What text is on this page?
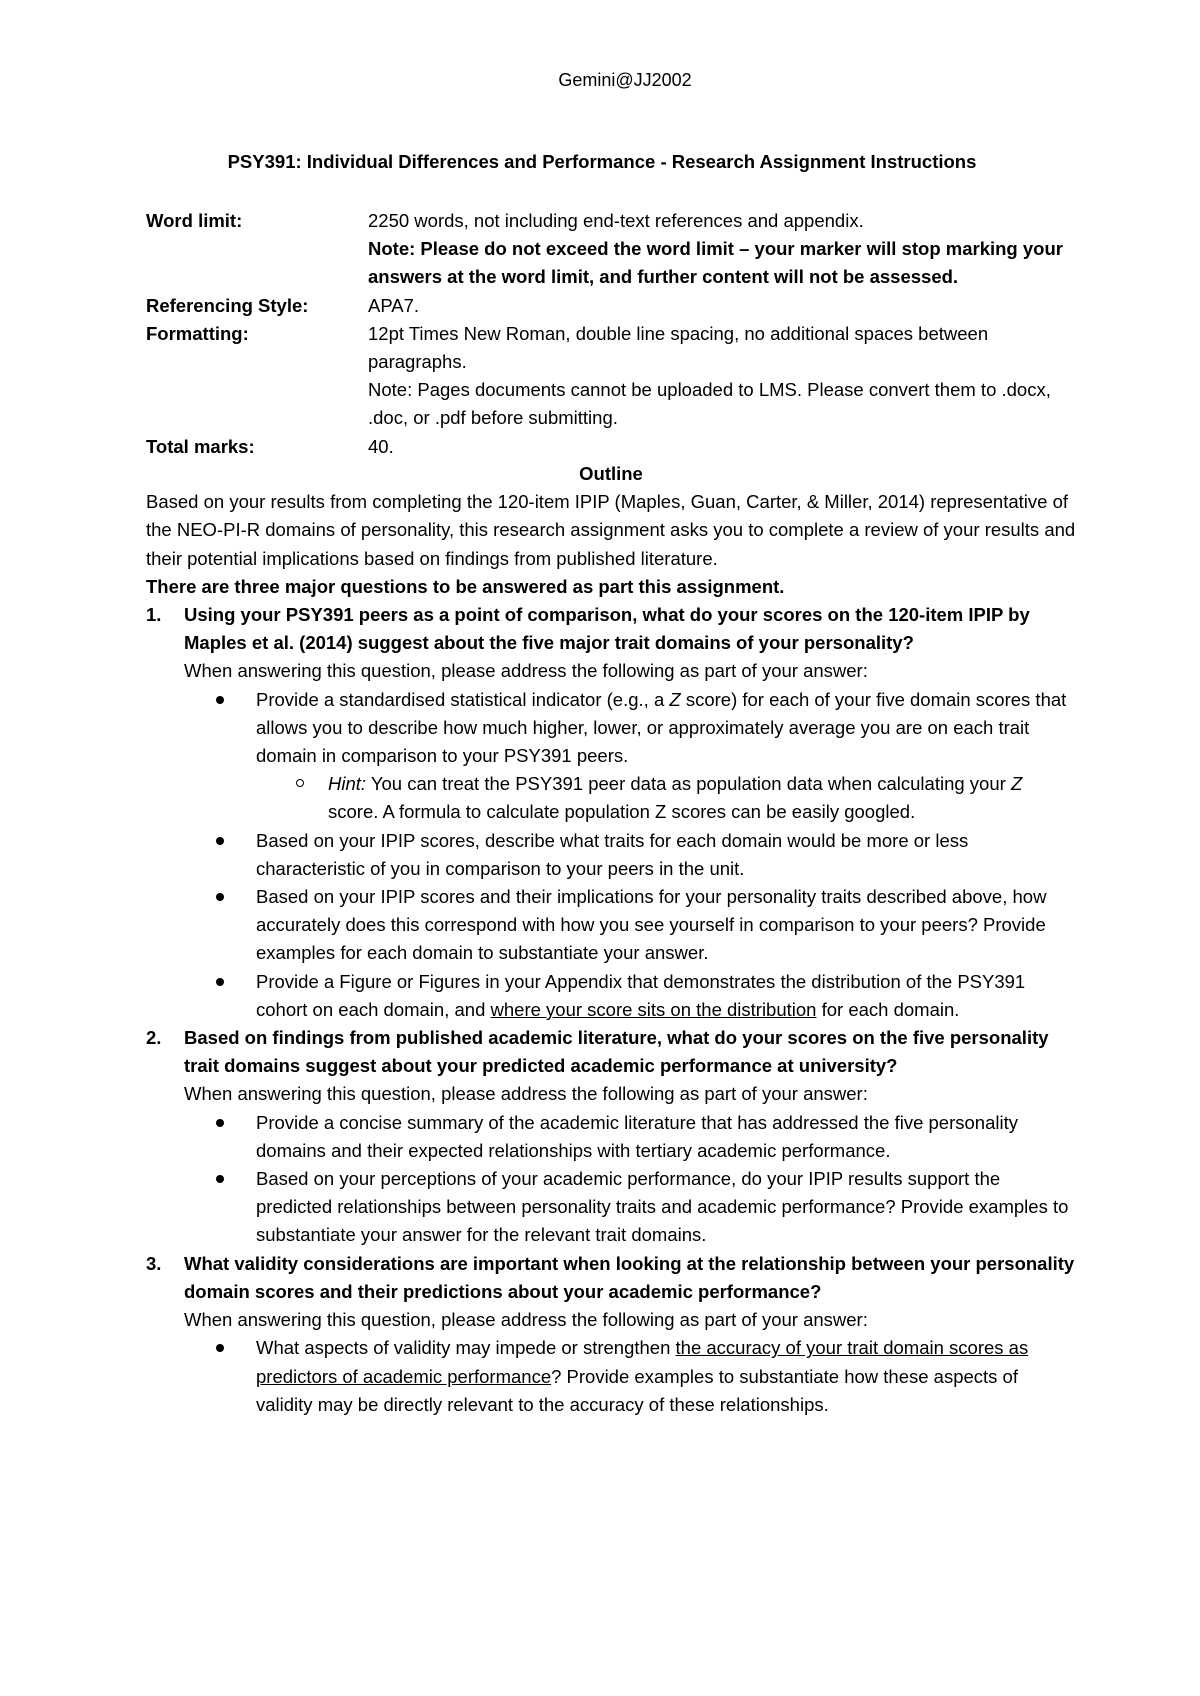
Gemini@JJ2002
PSY391: Individual Differences and Performance - Research Assignment Instructions
Word limit:	2250 words, not including end-text references and appendix.
Note: Please do not exceed the word limit – your marker will stop marking your answers at the word limit, and further content will not be assessed.
Referencing Style:	APA7.
Formatting:	12pt Times New Roman, double line spacing, no additional spaces between paragraphs.
Note: Pages documents cannot be uploaded to LMS. Please convert them to .docx, .doc, or .pdf before submitting.
Total marks:	40.
Outline
Based on your results from completing the 120-item IPIP (Maples, Guan, Carter, & Miller, 2014) representative of the NEO-PI-R domains of personality, this research assignment asks you to complete a review of your results and their potential implications based on findings from published literature.
There are three major questions to be answered as part this assignment.
1. Using your PSY391 peers as a point of comparison, what do your scores on the 120-item IPIP by Maples et al. (2014) suggest about the five major trait domains of your personality?
When answering this question, please address the following as part of your answer:
Provide a standardised statistical indicator (e.g., a Z score) for each of your five domain scores that allows you to describe how much higher, lower, or approximately average you are on each trait domain in comparison to your PSY391 peers.
Hint: You can treat the PSY391 peer data as population data when calculating your Z score. A formula to calculate population Z scores can be easily googled.
Based on your IPIP scores, describe what traits for each domain would be more or less characteristic of you in comparison to your peers in the unit.
Based on your IPIP scores and their implications for your personality traits described above, how accurately does this correspond with how you see yourself in comparison to your peers? Provide examples for each domain to substantiate your answer.
Provide a Figure or Figures in your Appendix that demonstrates the distribution of the PSY391 cohort on each domain, and where your score sits on the distribution for each domain.
2. Based on findings from published academic literature, what do your scores on the five personality trait domains suggest about your predicted academic performance at university?
When answering this question, please address the following as part of your answer:
Provide a concise summary of the academic literature that has addressed the five personality domains and their expected relationships with tertiary academic performance.
Based on your perceptions of your academic performance, do your IPIP results support the predicted relationships between personality traits and academic performance? Provide examples to substantiate your answer for the relevant trait domains.
3. What validity considerations are important when looking at the relationship between your personality domain scores and their predictions about your academic performance?
When answering this question, please address the following as part of your answer:
What aspects of validity may impede or strengthen the accuracy of your trait domain scores as predictors of academic performance? Provide examples to substantiate how these aspects of validity may be directly relevant to the accuracy of these relationships.
